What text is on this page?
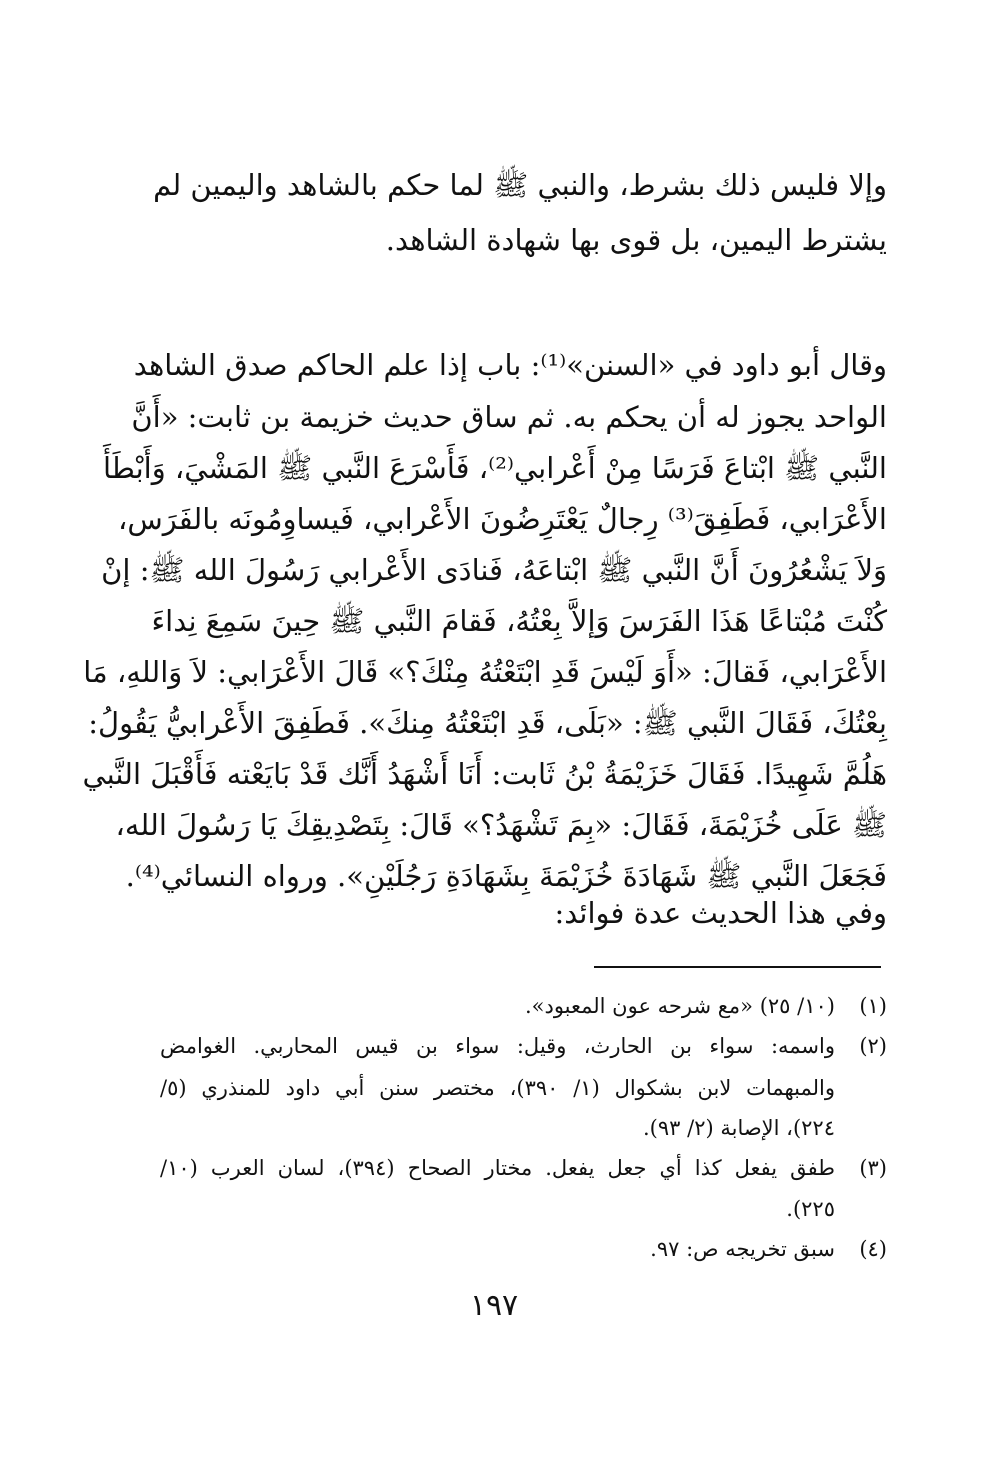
وإلا فليس ذلك بشرط، والنبي ﷺ لما حكم بالشاهد واليمين لم
يشترط اليمين، بل قوى بها شهادة الشاهد.
وقال أبو داود في «السنن»⁽¹⁾: باب إذا علم الحاكم صدق الشاهد
الواحد يجوز له أن يحكم به. ثم ساق حديث خزيمة بن ثابت: «أَنَّ
النَّبي ﷺ ابْتاعَ فَرَسًا مِنْ أَعْرابي⁽²⁾، فَأَسْرَعَ النَّبي ﷺ المَشْيَ، وَأَبْطَأَ
الأَعْرَابي، فَطَفِقَ⁽³⁾ رِجالٌ يَعْتَرِضُونَ الأَعْرابي، فَيساوِمُونَه بالفَرَس،
وَلاَ يَشْعُرُونَ أَنَّ النَّبي ﷺ ابْتاعَهُ، فَنادَى الأَعْرابي رَسُولَ الله ﷺ: إنْ
كُنْتَ مُبْتاعًا هَذَا الفَرَسَ وَإلاَّ بِعْتُهُ، فَقامَ النَّبي ﷺ حِينَ سَمِعَ نِداءَ
الأَعْرَابي، فَقالَ: «أَوَ لَيْسَ قَدِ ابْتَعْتُهُ مِنْكَ؟» قَالَ الأَعْرَابي: لاَ وَاللهِ، مَا
بِعْتُكَ، فَقَالَ النَّبي ﷺ: «بَلَى، قَدِ ابْتَعْتُهُ مِنكَ». فَطَفِقَ الأَعْرابيُّ يَقُولُ:
هَلُمَّ شَهِيدًا. فَقَالَ خَزَيْمَةُ بْنُ ثَابت: أَنَا أَشْهَدُ أَنَّك قَدْ بَايَعْته فَأَقْبَلَ النَّبي
ﷺ عَلَى خُزَيْمَةَ، فَقَالَ: «بِمَ تَشْهَدُ؟» قَالَ: بِتَصْدِيقِكَ يَا رَسُولَ الله،
فَجَعَلَ النَّبي ﷺ شَهَادَةَ خُزَيْمَةَ بِشَهَادَةِ رَجُلَيْنِ». ورواه النسائي⁽⁴⁾.
وفي هذا الحديث عدة فوائد:
(١)
(١٠/ ٢٥) «مع شرحه عون المعبود».
(٢)
واسمه: سواء بن الحارث، وقيل: سواء بن قيس المحاربي. الغوامض
والمبهمات لابن بشكوال (١/ ٣٩٠)، مختصر سنن أبي داود للمنذري (٥/
٢٢٤)، الإصابة (٢/ ٩٣).
(٣)
طفق يفعل كذا أي جعل يفعل. مختار الصحاح (٣٩٤)، لسان العرب (١٠/
٢٢٥).
(٤)
سبق تخريجه ص: ٩٧.
١٩٧
